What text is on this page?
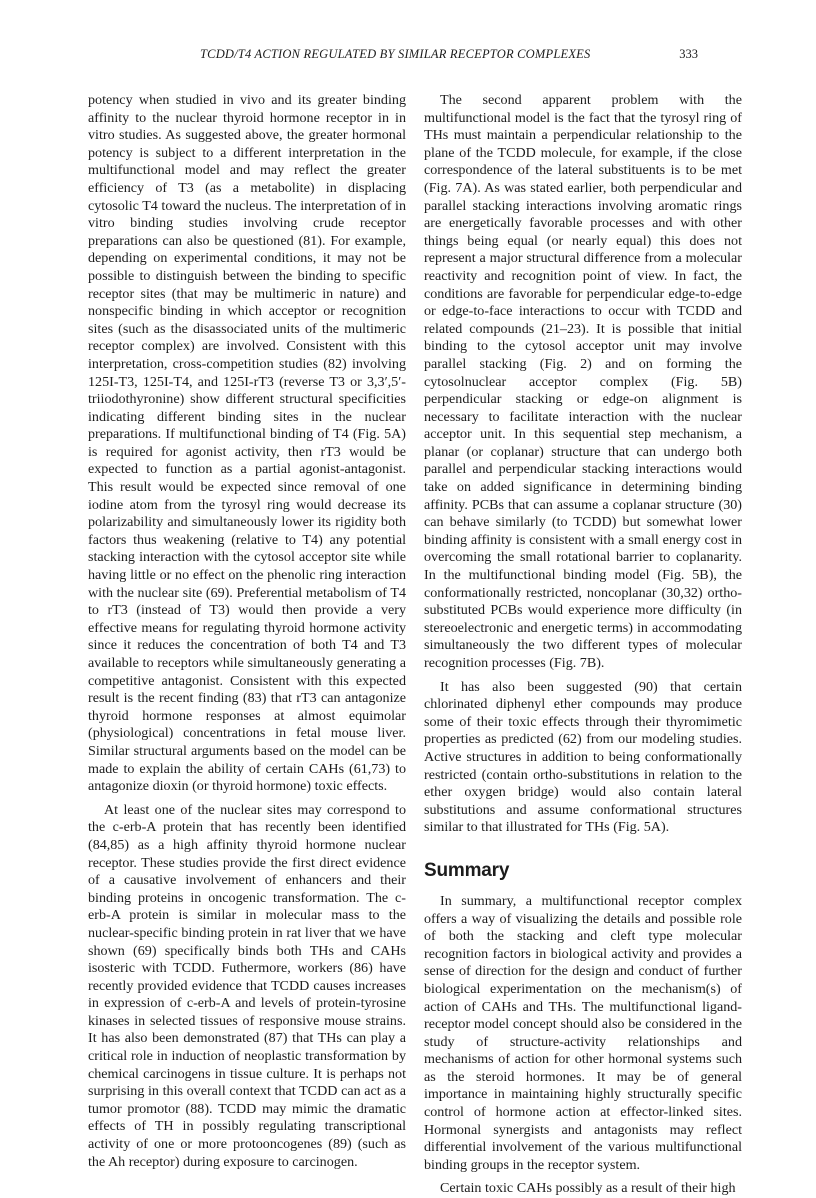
TCDD/T4 ACTION REGULATED BY SIMILAR RECEPTOR COMPLEXES	333

potency when studied in vivo and its greater binding affinity to the nuclear thyroid hormone receptor in in vitro studies. As suggested above, the greater hormonal potency is subject to a different interpretation in the multifunctional model and may reflect the greater efficiency of T3 (as a metabolite) in displacing cytosolic T4 toward the nucleus. The interpretation of in vitro binding studies involving crude receptor preparations can also be questioned (81). For example, depending on experimental conditions, it may not be possible to distinguish between the binding to specific receptor sites (that may be multimeric in nature) and nonspecific binding in which acceptor or recognition sites (such as the disassociated units of the multimeric receptor complex) are involved. Consistent with this interpretation, cross-competition studies (82) involving 125I-T3, 125I-T4, and 125I-rT3 (reverse T3 or 3,3′,5′-triiodothyronine) show different structural specificities indicating different binding sites in the nuclear preparations. If multifunctional binding of T4 (Fig. 5A) is required for agonist activity, then rT3 would be expected to function as a partial agonist-antagonist. This result would be expected since removal of one iodine atom from the tyrosyl ring would decrease its polarizability and simultaneously lower its rigidity both factors thus weakening (relative to T4) any potential stacking interaction with the cytosol acceptor site while having little or no effect on the phenolic ring interaction with the nuclear site (69). Preferential metabolism of T4 to rT3 (instead of T3) would then provide a very effective means for regulating thyroid hormone activity since it reduces the concentration of both T4 and T3 available to receptors while simultaneously generating a competitive antagonist. Consistent with this expected result is the recent finding (83) that rT3 can antagonize thyroid hormone responses at almost equimolar (physiological) concentrations in fetal mouse liver. Similar structural arguments based on the model can be made to explain the ability of certain CAHs (61,73) to antagonize dioxin (or thyroid hormone) toxic effects.

At least one of the nuclear sites may correspond to the c-erb-A protein that has recently been identified (84,85) as a high affinity thyroid hormone nuclear receptor. These studies provide the first direct evidence of a causative involvement of enhancers and their binding proteins in oncogenic transformation. The c-erb-A protein is similar in molecular mass to the nuclear-specific binding protein in rat liver that we have shown (69) specifically binds both THs and CAHs isosteric with TCDD. Futhermore, workers (86) have recently provided evidence that TCDD causes increases in expression of c-erb-A and levels of protein-tyrosine kinases in selected tissues of responsive mouse strains. It has also been demonstrated (87) that THs can play a critical role in induction of neoplastic transformation by chemical carcinogens in tissue culture. It is perhaps not surprising in this overall context that TCDD can act as a tumor promotor (88). TCDD may mimic the dramatic effects of TH in possibly regulating transcriptional activity of one or more protooncogenes (89) (such as the Ah receptor) during exposure to carcinogen.

The second apparent problem with the multifunctional model is the fact that the tyrosyl ring of THs must maintain a perpendicular relationship to the plane of the TCDD molecule, for example, if the close correspondence of the lateral substituents is to be met (Fig. 7A). As was stated earlier, both perpendicular and parallel stacking interactions involving aromatic rings are energetically favorable processes and with other things being equal (or nearly equal) this does not represent a major structural difference from a molecular reactivity and recognition point of view. In fact, the conditions are favorable for perpendicular edge-to-edge or edge-to-face interactions to occur with TCDD and related compounds (21–23). It is possible that initial binding to the cytosol acceptor unit may involve parallel stacking (Fig. 2) and on forming the cytosolnuclear acceptor complex (Fig. 5B) perpendicular stacking or edge-on alignment is necessary to facilitate interaction with the nuclear acceptor unit. In this sequential step mechanism, a planar (or coplanar) structure that can undergo both parallel and perpendicular stacking interactions would take on added significance in determining binding affinity. PCBs that can assume a coplanar structure (30) can behave similarly (to TCDD) but somewhat lower binding affinity is consistent with a small energy cost in overcoming the small rotational barrier to coplanarity. In the multifunctional binding model (Fig. 5B), the conformationally restricted, noncoplanar (30,32) ortho-substituted PCBs would experience more difficulty (in stereoelectronic and energetic terms) in accommodating simultaneously the two different types of molecular recognition processes (Fig. 7B).

It has also been suggested (90) that certain chlorinated diphenyl ether compounds may produce some of their toxic effects through their thyromimetic properties as predicted (62) from our modeling studies. Active structures in addition to being conformationally restricted (contain ortho-substitutions in relation to the ether oxygen bridge) would also contain lateral substitutions and assume conformational structures similar to that illustrated for THs (Fig. 5A).

Summary

In summary, a multifunctional receptor complex offers a way of visualizing the details and possible role of both the stacking and cleft type molecular recognition factors in biological activity and provides a sense of direction for the design and conduct of further biological experimentation on the mechanism(s) of action of CAHs and THs. The multifunctional ligand-receptor model concept should also be considered in the study of structure-activity relationships and mechanisms of action for other hormonal systems such as the steroid hormones. It may be of general importance in maintaining highly structurally specific control of hormone action at effector-linked sites. Hormonal synergists and antagonists may reflect differential involvement of the various multifunctional binding groups in the receptor system.

Certain toxic CAHs possibly as a result of their high
